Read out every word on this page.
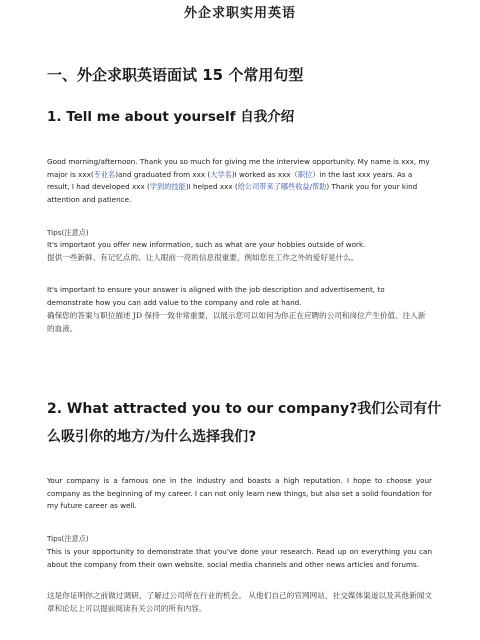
外企求职实用英语
一、外企求职英语面试 15 个常用句型
1. Tell me about yourself 自我介绍

Good morning/afternoon. Thank you so much for giving me the interview opportunity. My name is xxx, my major is xxx(专业名)and graduated from xxx (大学名)I worked as xxx（职位）in the last xxx years. As a result, I had developed xxx (学到的技能)I helped xxx (给公司带来了哪些收益/帮助) Thank you for your kind attention and patience.

Tips(注意点)
It's important you offer new information, such as what are your hobbies outside of work.
提供一些新鲜、有记忆点的、让人眼前一亮的信息很重要，例如您在工作之外的爱好是什么。
It's important to ensure your answer is aligned with the job description and advertisement, to demonstrate how you can add value to the company and role at hand.
确保您的答案与职位描述 JD 保持一致非常重要，以展示您可以如何为你正在应聘的公司和岗位产生价值、注入新的血液。
2. What attracted you to our company?我们公司有什么吸引你的地方/为什么选择我们?

Your company is a famous one in the industry and boasts a high reputation. I hope to choose your company as the beginning of my career. I can not only learn new things, but also set a solid foundation for my future career as well.

Tips(注意点)

This is your opportunity to demonstrate that you've done your research. Read up on everything you can about the company from their own website. social media channels and other news articles and forums.

这是你证明你之前做过调研、了解过公司所在行业的机会。 从他们自己的官网网站，社交媒体渠道以及其他新闻文章和论坛上可以提前阅读有关公司的所有内容。
